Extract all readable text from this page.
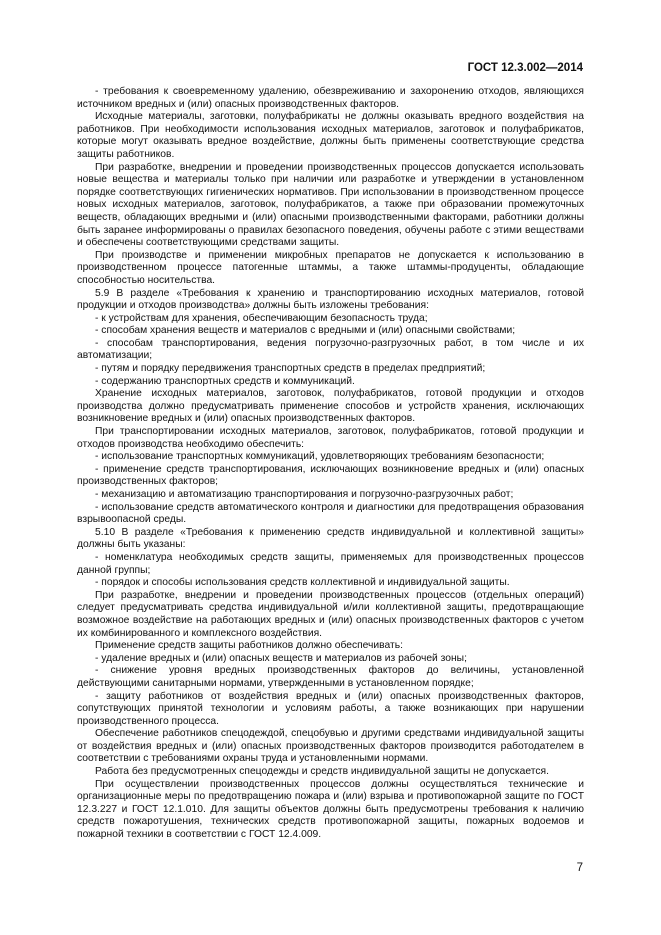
ГОСТ 12.3.002—2014

- требования к своевременному удалению, обезвреживанию и захоронению отходов, являющихся источником вредных и (или) опасных производственных факторов.

Исходные материалы, заготовки, полуфабрикаты не должны оказывать вредного воздействия на работников. При необходимости использования исходных материалов, заготовок и полуфабрикатов, которые могут оказывать вредное воздействие, должны быть применены соответствующие средства защиты работников.

При разработке, внедрении и проведении производственных процессов допускается использовать новые вещества и материалы только при наличии или разработке и утверждении в установленном порядке соответствующих гигиенических нормативов. При использовании в производственном процессе новых исходных материалов, заготовок, полуфабрикатов, а также при образовании промежуточных веществ, обладающих вредными и (или) опасными производственными факторами, работники должны быть заранее информированы о правилах безопасного поведения, обучены работе с этими веществами и обеспечены соответствующими средствами защиты.

При производстве и применении микробных препаратов не допускается к использованию в производственном процессе патогенные штаммы, а также штаммы-продуценты, обладающие способностью носительства.

5.9 В разделе «Требования к хранению и транспортированию исходных материалов, готовой продукции и отходов производства» должны быть изложены требования:

- к устройствам для хранения, обеспечивающим безопасность труда;

- способам хранения веществ и материалов с вредными и (или) опасными свойствами;

- способам транспортирования, ведения погрузочно-разгрузочных работ, в том числе и их автоматизации;

- путям и порядку передвижения транспортных средств в пределах предприятий;

- содержанию транспортных средств и коммуникаций.

Хранение исходных материалов, заготовок, полуфабрикатов, готовой продукции и отходов производства должно предусматривать применение способов и устройств хранения, исключающих возникновение вредных и (или) опасных производственных факторов.

При транспортировании исходных материалов, заготовок, полуфабрикатов, готовой продукции и отходов производства необходимо обеспечить:

- использование транспортных коммуникаций, удовлетворяющих требованиям безопасности;

- применение средств транспортирования, исключающих возникновение вредных и (или) опасных производственных факторов;

- механизацию и автоматизацию транспортирования и погрузочно-разгрузочных работ;

- использование средств автоматического контроля и диагностики для предотвращения образования взрывоопасной среды.

5.10 В разделе «Требования к применению средств индивидуальной и коллективной защиты» должны быть указаны:

- номенклатура необходимых средств защиты, применяемых для производственных процессов данной группы;

- порядок и способы использования средств коллективной и индивидуальной защиты.

При разработке, внедрении и проведении производственных процессов (отдельных операций) следует предусматривать средства индивидуальной и/или коллективной защиты, предотвращающие возможное воздействие на работающих вредных и (или) опасных производственных факторов с учетом их комбинированного и комплексного воздействия.

Применение средств защиты работников должно обеспечивать:

- удаление вредных и (или) опасных веществ и материалов из рабочей зоны;

- снижение уровня вредных производственных факторов до величины, установленной действующими санитарными нормами, утвержденными в установленном порядке;

- защиту работников от воздействия вредных и (или) опасных производственных факторов, сопутствующих принятой технологии и условиям работы, а также возникающих при нарушении производственного процесса.

Обеспечение работников спецодеждой, спецобувью и другими средствами индивидуальной защиты от воздействия вредных и (или) опасных производственных факторов производится работодателем в соответствии с требованиями охраны труда и установленными нормами.

Работа без предусмотренных спецодежды и средств индивидуальной защиты не допускается.

При осуществлении производственных процессов должны осуществляться технические и организационные меры по предотвращению пожара и (или) взрыва и противопожарной защите по ГОСТ 12.3.227 и ГОСТ 12.1.010. Для защиты объектов должны быть предусмотрены требования к наличию средств пожаротушения, технических средств противопожарной защиты, пожарных водоемов и пожарной техники в соответствии с ГОСТ 12.4.009.

7
